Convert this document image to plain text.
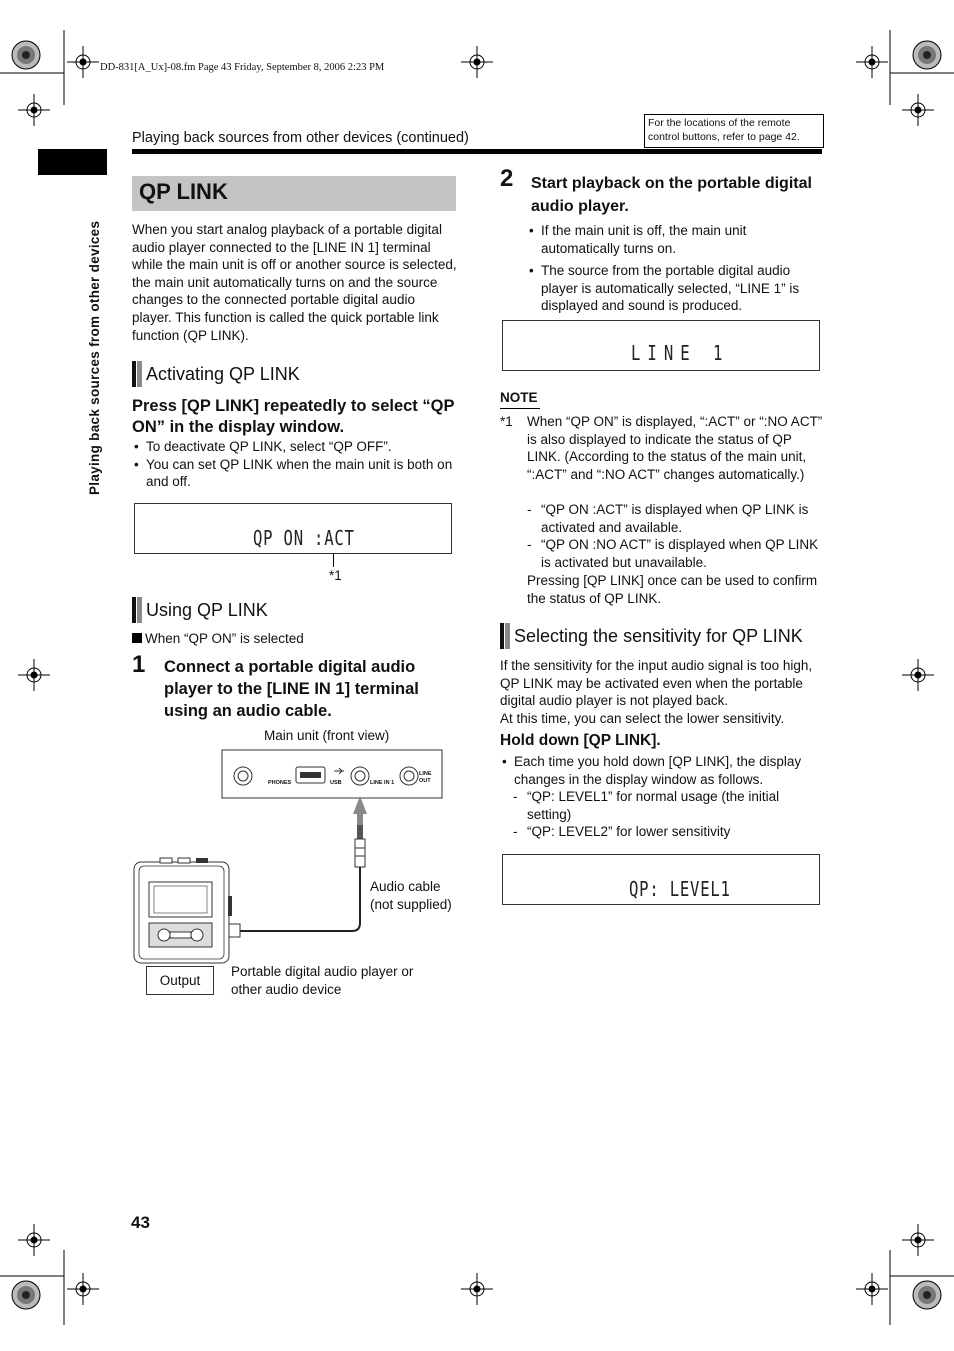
DD-831[A_Ux]-08.fm Page 43 Friday, September 8, 2006 2:23 PM
Playing back sources from other devices (continued)
For the locations of the remote control buttons, refer to page 42.
Playing back sources from other devices
QP LINK
When you start analog playback of a portable digital audio player connected to the [LINE IN 1] terminal while the main unit is off or another source is selected, the main unit automatically turns on and the source changes to the connected portable digital audio player. This function is called the quick portable link function (QP LINK).
Activating QP LINK
Press [QP LINK] repeatedly to select “QP ON” in the display window.
• To deactivate QP LINK, select “QP OFF”.
• You can set QP LINK when the main unit is both on and off.
QP ON :ACT
*1
Using QP LINK
When “QP ON” is selected
1 Connect a portable digital audio player to the [LINE IN 1] terminal using an audio cable.
Main unit (front view)
PHONES	USB	LINE IN 1
LINE OUT
Audio cable
(not supplied)
Output
Portable digital audio player or
other audio device
2 Start playback on the portable digital audio player.
• If the main unit is off, the main unit automatically turns on.
• The source from the portable digital audio player is automatically selected, “LINE 1” is displayed and sound is produced.
LINE 1
NOTE
*1 When “QP ON” is displayed, “:ACT” or “:NO ACT” is also displayed to indicate the status of QP LINK. (According to the status of the main unit, “:ACT” and “:NO ACT” changes automatically.)
- “QP ON :ACT” is displayed when QP LINK is activated and available.
- “QP ON :NO ACT” is displayed when QP LINK is activated but unavailable.
Pressing [QP LINK] once can be used to confirm the status of QP LINK.
Selecting the sensitivity for QP LINK
If the sensitivity for the input audio signal is too high, QP LINK may be activated even when the portable digital audio player is not played back.
At this time, you can select the lower sensitivity.
Hold down [QP LINK].
• Each time you hold down [QP LINK], the display changes in the display window as follows.
- “QP: LEVEL1” for normal usage (the initial setting)
- “QP: LEVEL2” for lower sensitivity
QP: LEVEL1
43
